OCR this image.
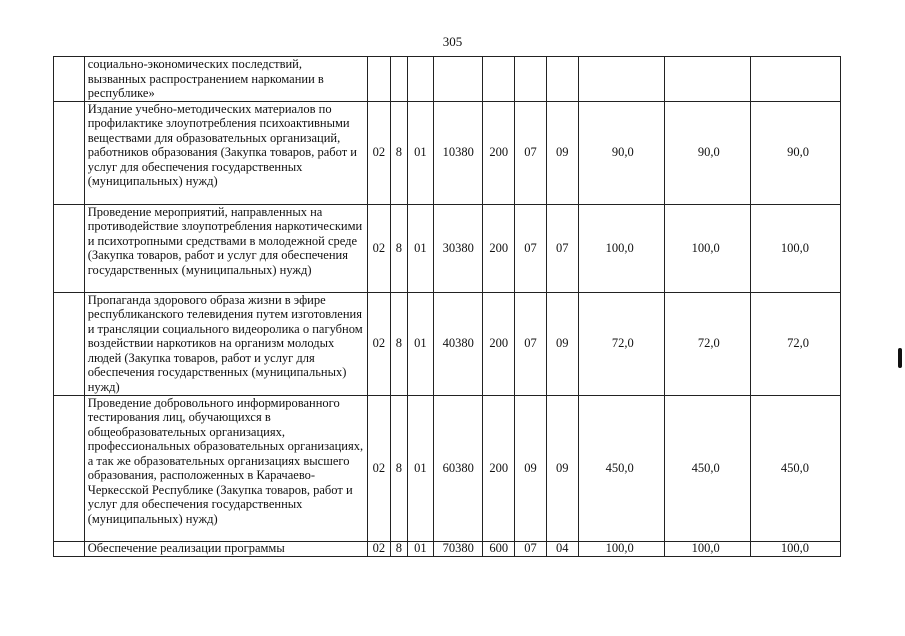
305
	социально-экономических последствий, вызванных распространением наркомании в республике»										
	Издание учебно-методических материалов по профилактике злоупотребления психоактивными веществами для образовательных организаций, работников образования (Закупка товаров, работ и услуг для обеспечения государственных (муниципальных) нужд)	02	8	01	10380	200	07	09	90,0	90,0	90,0
	Проведение мероприятий, направленных на противодействие злоупотребления наркотическими и психотропными средствами в молодежной среде (Закупка товаров, работ и услуг для обеспечения государственных (муниципальных) нужд)	02	8	01	30380	200	07	07	100,0	100,0	100,0
	Пропаганда здорового образа жизни в эфире республиканского телевидения путем изготовления и трансляции социального видеоролика о пагубном воздействии наркотиков на организм молодых людей (Закупка товаров, работ и услуг для обеспечения государственных (муниципальных) нужд)	02	8	01	40380	200	07	09	72,0	72,0	72,0
	Проведение добровольного информированного тестирования лиц, обучающихся в общеобразовательных организациях, профессиональных образовательных организациях, а так же образовательных организациях высшего образования, расположенных в Карачаево-Черкесской Республике (Закупка товаров, работ и услуг для обеспечения государственных (муниципальных) нужд)	02	8	01	60380	200	09	09	450,0	450,0	450,0
	Обеспечение реализации программы	02	8	01	70380	600	07	04	100,0	100,0	100,0
